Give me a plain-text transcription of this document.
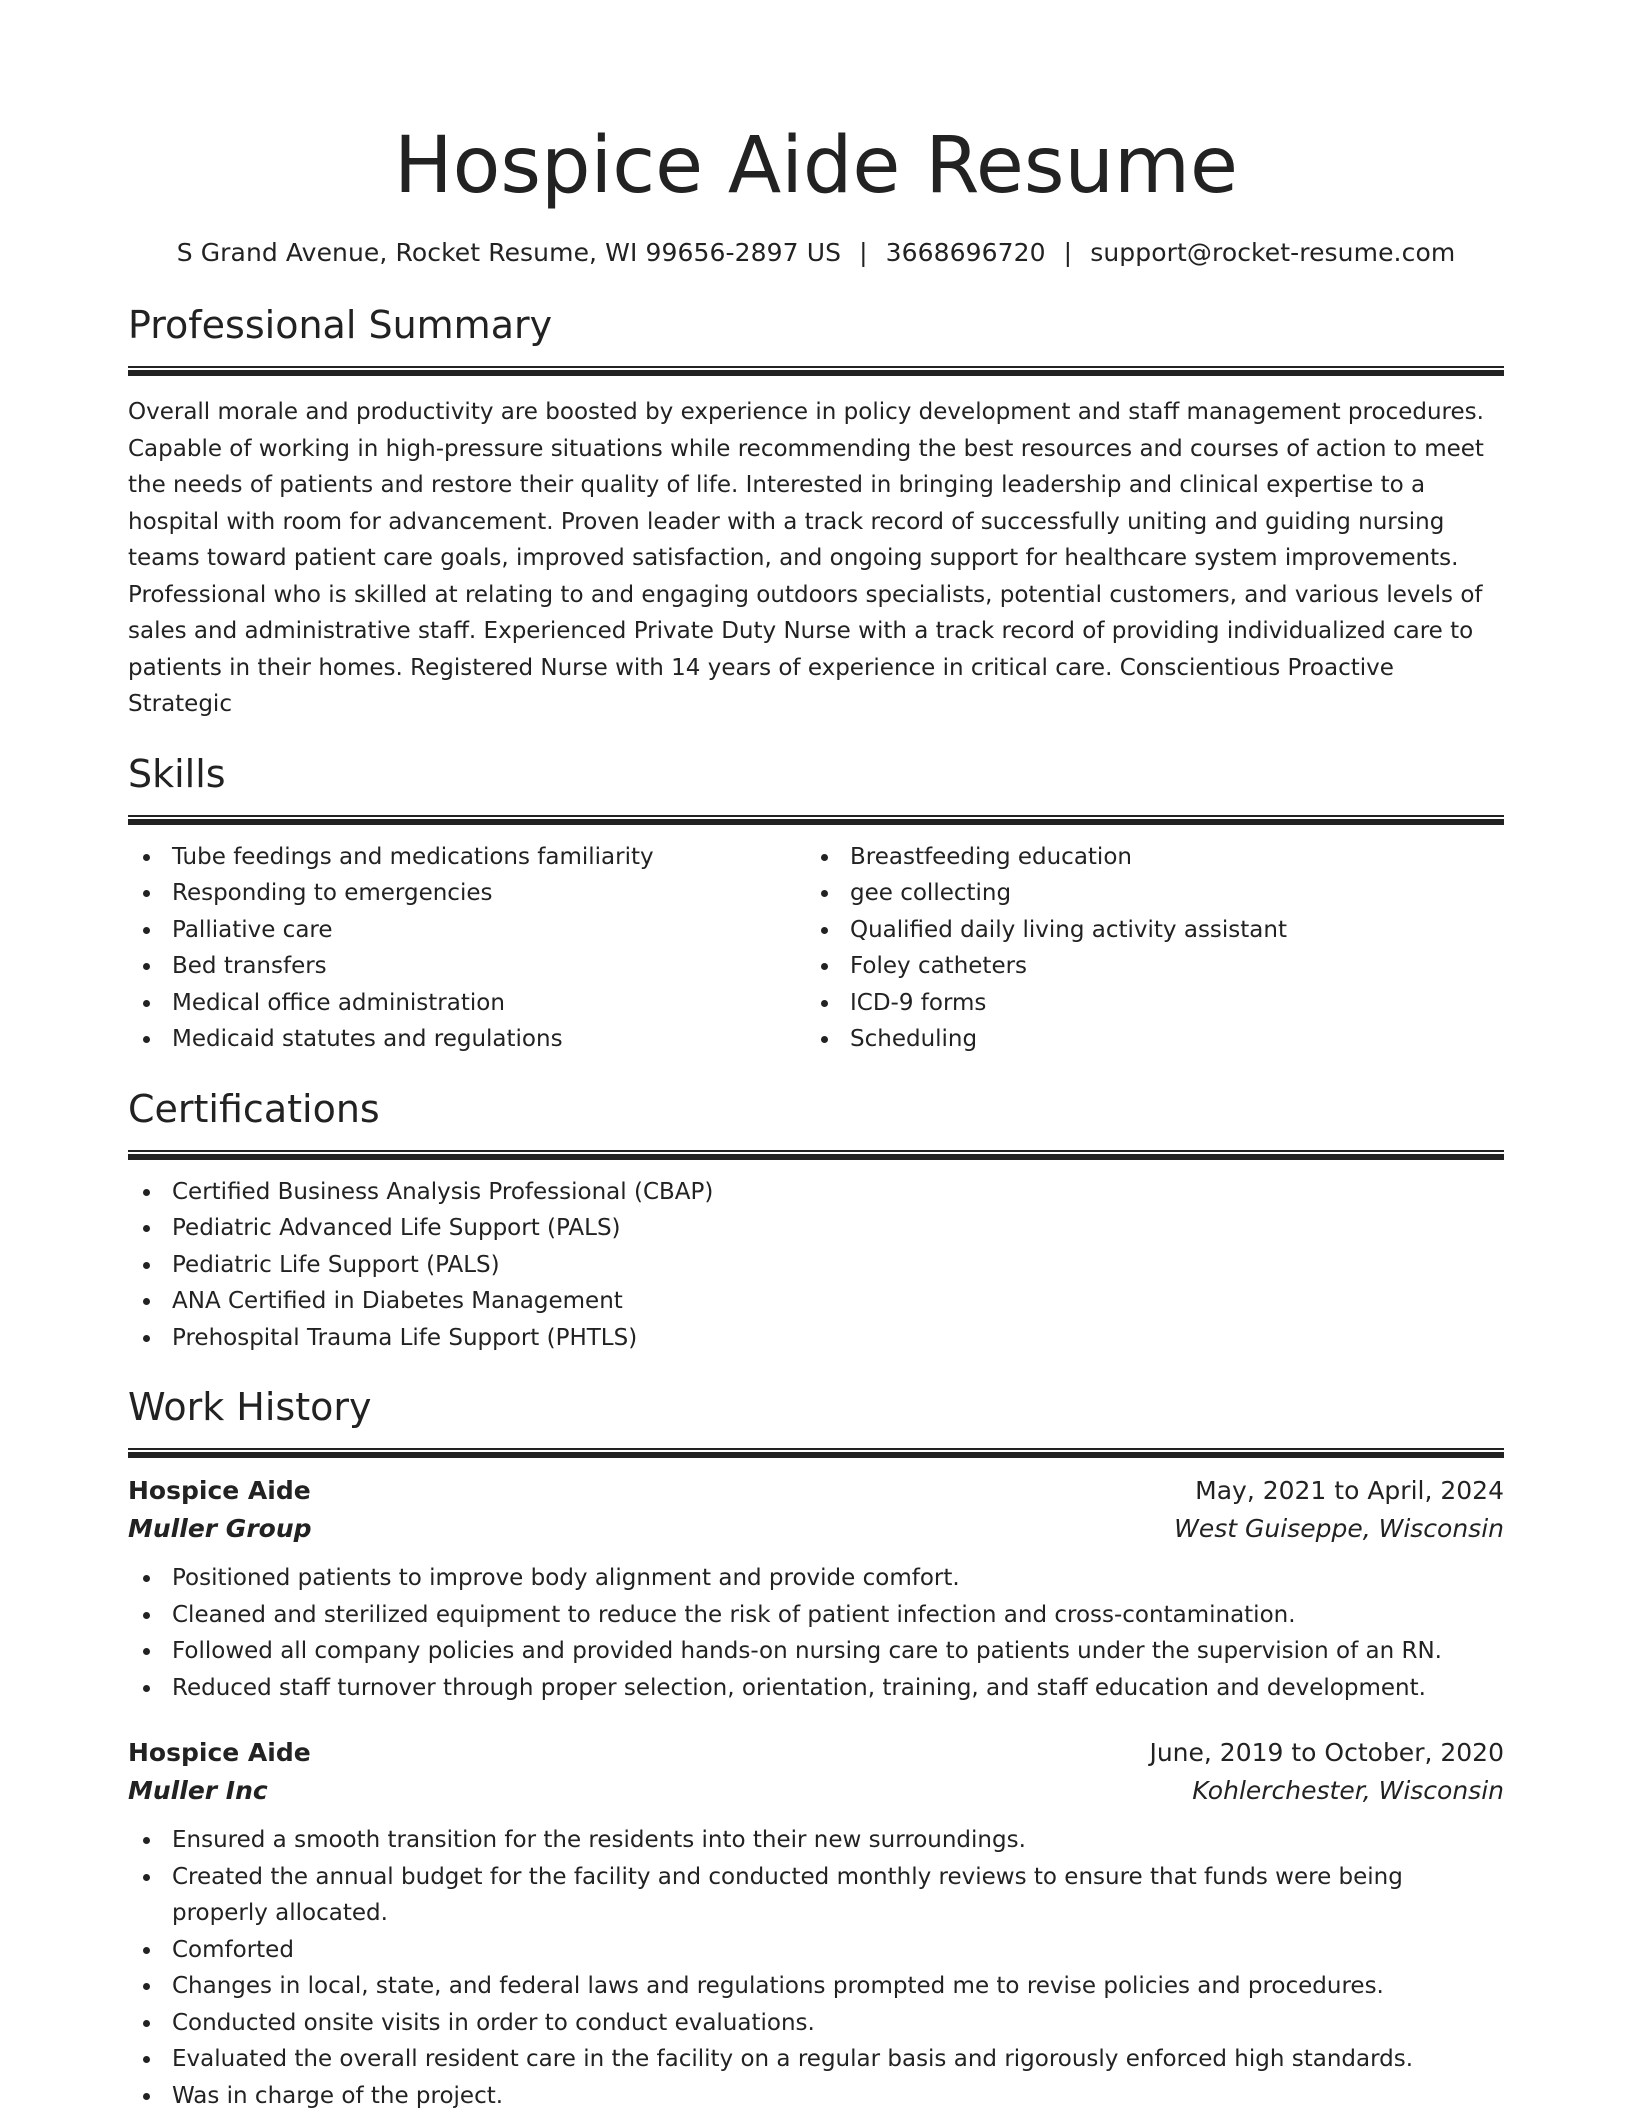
Hospice Aide Resume
S Grand Avenue, Rocket Resume, WI 99656-2897 US | 3668696720 | support@rocket-resume.com
Professional Summary

Overall morale and productivity are boosted by experience in policy development and staff management procedures. Capable of working in high-pressure situations while recommending the best resources and courses of action to meet the needs of patients and restore their quality of life. Interested in bringing leadership and clinical expertise to a hospital with room for advancement. Proven leader with a track record of successfully uniting and guiding nursing teams toward patient care goals, improved satisfaction, and ongoing support for healthcare system improvements. Professional who is skilled at relating to and engaging outdoors specialists, potential customers, and various levels of sales and administrative staff. Experienced Private Duty Nurse with a track record of providing individualized care to patients in their homes. Registered Nurse with 14 years of experience in critical care. Conscientious Proactive Strategic

Skills
Tube feedings and medications familiarity
Responding to emergencies
Palliative care
Bed transfers
Medical office administration
Medicaid statutes and regulations
Breastfeeding education
gee collecting
Qualified daily living activity assistant
Foley catheters
ICD-9 forms
Scheduling
Certifications
Certified Business Analysis Professional (CBAP)
Pediatric Advanced Life Support (PALS)
Pediatric Life Support (PALS)
ANA Certified in Diabetes Management
Prehospital Trauma Life Support (PHTLS)
Work History
Hospice Aide	May, 2021 to April, 2024
Muller Group	West Guiseppe, Wisconsin
Positioned patients to improve body alignment and provide comfort.
Cleaned and sterilized equipment to reduce the risk of patient infection and cross-contamination.
Followed all company policies and provided hands-on nursing care to patients under the supervision of an RN.
Reduced staff turnover through proper selection, orientation, training, and staff education and development.
Hospice Aide	June, 2019 to October, 2020
Muller Inc	Kohlerchester, Wisconsin
Ensured a smooth transition for the residents into their new surroundings.
Created the annual budget for the facility and conducted monthly reviews to ensure that funds were being properly allocated.
Comforted
Changes in local, state, and federal laws and regulations prompted me to revise policies and procedures.
Conducted onsite visits in order to conduct evaluations.
Evaluated the overall resident care in the facility on a regular basis and rigorously enforced high standards.
Was in charge of the project.
